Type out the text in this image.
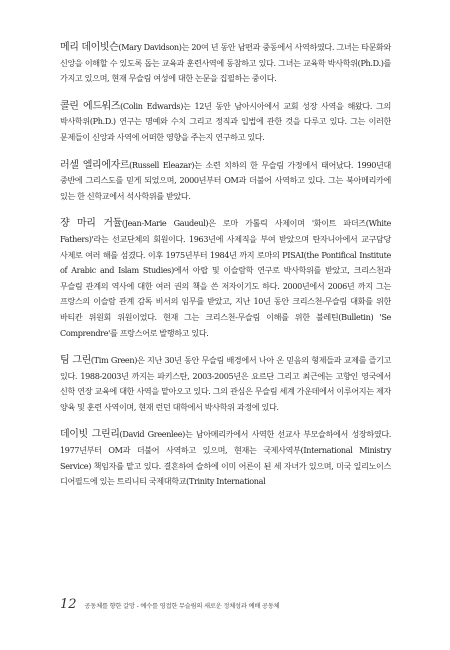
메리 데이빗슨(Mary Davidson)는 20여 년 동안 남편과 중동에서 사역하였다. 그녀는 타문화와 신앙을 이해할 수 있도록 돕는 교육과 훈련사역에 동참하고 있다. 그녀는 교육학 박사학위(Ph.D.)를 가지고 있으며, 현재 무슬림 여성에 대한 논문을 집필하는 중이다.

콜린 에드워즈(Colin Edwards)는 12년 동안 남아시아에서 교회 성장 사역을 해왔다. 그의 박사학위(Ph.D.) 연구는 명예와 수치 그리고 정직과 입법에 관한 것을 다루고 있다. 그는 이러한 문제들이 신앙과 사역에 어떠한 영향을 주는지 연구하고 있다.

러셀 엘리에자르(Russell Eleazar)는 소련 치하의 한 무슬림 가정에서 태어났다. 1990년대 중반에 그리스도를 믿게 되었으며, 2000년부터 OM과 더불어 사역하고 있다. 그는 북아메리카에 있는 한 신학교에서 석사학위를 받았다.

쟝 마리 거듈(Jean-Marie Gaudeul)은 로마 가톨릭 사제이며 '화이트 파더즈(White Fathers)'라는 선교단체의 회원이다. 1963년에 사제직을 부여 받았으며 탄자니아에서 교구담당 사제로 여러 해를 섬겼다. 이후 1975년부터 1984년 까지 로마의 PISAI(the Pontifical Institute of Arabic and Islam Studies)에서 아랍 및 이슬람학 연구로 박사학위를 받았고, 크리스천과 무슬림 관계의 역사에 대한 여러 권의 책을 쓴 저자이기도 하다. 2000년에서 2006년 까지 그는 프랑스의 이슬람 관계 감독 비서의 임무를 받았고, 지난 10년 동안 크리스천-무슬림 대화를 위한 바티칸 위원회 위원이었다. 현재 그는 크리스천-무슬림 이해를 위한 불레틴(Bulletin) 'Se Comprendre'를 프랑스어로 발행하고 있다.

팀 그린(Tim Green)은 지난 30년 동안 무슬림 배경에서 나아 온 믿음의 형제들과 교제를 즐기고 있다. 1988-2003년 까지는 파키스탄, 2003-2005년은 요르단 그리고 최근에는 고향인 영국에서 신학 연장 교육에 대한 사역을 맡아오고 있다. 그의 관심은 무슬림 세계 가운데에서 이루어지는 제자 양육 및 훈련 사역이며, 현재 런던 대학에서 박사학위 과정에 있다.

데이빗 그린리(David Greenlee)는 남아메리카에서 사역한 선교사 부모슬하에서 성장하였다. 1977년부터 OM과 더불어 사역하고 있으며, 현재는 국제사역부(International Ministry Service) 책임자를 맡고 있다. 결혼하여 슬하에 이미 어른이 된 세 자녀가 있으며, 미국 일리노이스 디어필드에 있는 트리니티 국제대학교(Trinity International

12 공동체를 향한 갈망 - 예수를 영접한 무슬림의 새로운 정체성과 예배 공동체
